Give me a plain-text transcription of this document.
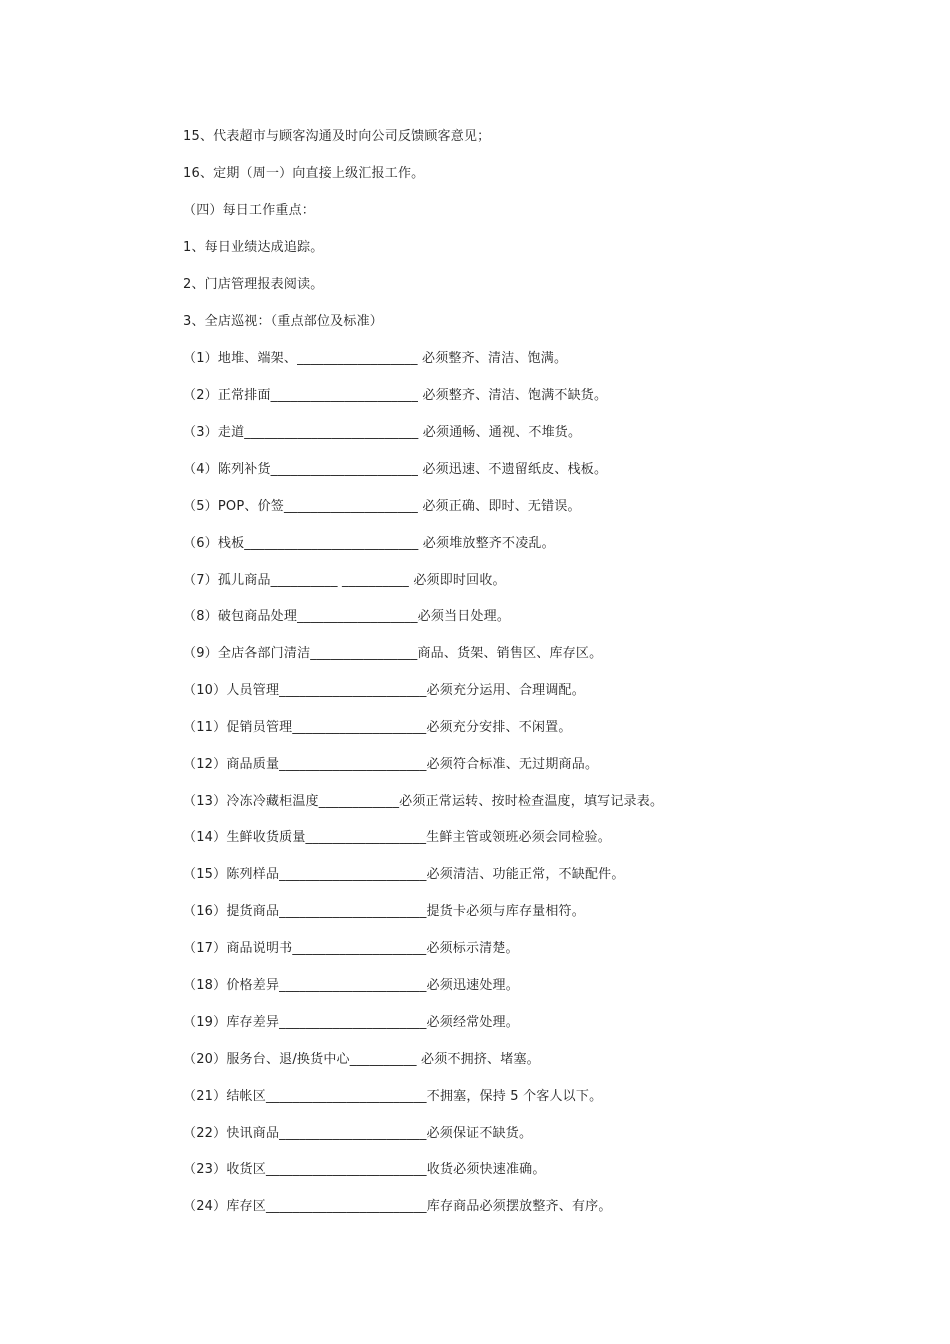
15、代表超市与顾客沟通及时向公司反馈顾客意见；
16、定期（周一）向直接上级汇报工作。
（四）每日工作重点：
1、每日业绩达成追踪。
2、门店管理报表阅读。
3、全店巡视：（重点部位及标准）
（1）地堆、端架、__________________ 必须整齐、清洁、饱满。
（2）正常排面______________________ 必须整齐、清洁、饱满不缺货。
（3）走道__________________________ 必须通畅、通视、不堆货。
（4）陈列补货______________________ 必须迅速、不遗留纸皮、栈板。
（5）POP、价签____________________ 必须正确、即时、无错误。
（6）栈板__________________________ 必须堆放整齐不凌乱。
（7）孤儿商品__________ __________ 必须即时回收。
（8）破包商品处理__________________必须当日处理。
（9）全店各部门清洁________________商品、货架、销售区、库存区。
（10）人员管理______________________必须充分运用、合理调配。
（11）促销员管理____________________必须充分安排、不闲置。
（12）商品质量______________________必须符合标准、无过期商品。
（13）冷冻冷藏柜温度____________必须正常运转、按时检查温度，填写记录表。
（14）生鲜收货质量__________________生鲜主管或领班必须会同检验。
（15）陈列样品______________________必须清洁、功能正常，不缺配件。
（16）提货商品______________________提货卡必须与库存量相符。
（17）商品说明书____________________必须标示清楚。
（18）价格差异______________________必须迅速处理。
（19）库存差异______________________必须经常处理。
（20）服务台、退/换货中心__________ 必须不拥挤、堵塞。
（21）结帐区________________________不拥塞，保持 5 个客人以下。
（22）快讯商品______________________必须保证不缺货。
（23）收货区________________________收货必须快速准确。
（24）库存区________________________库存商品必须摆放整齐、有序。
